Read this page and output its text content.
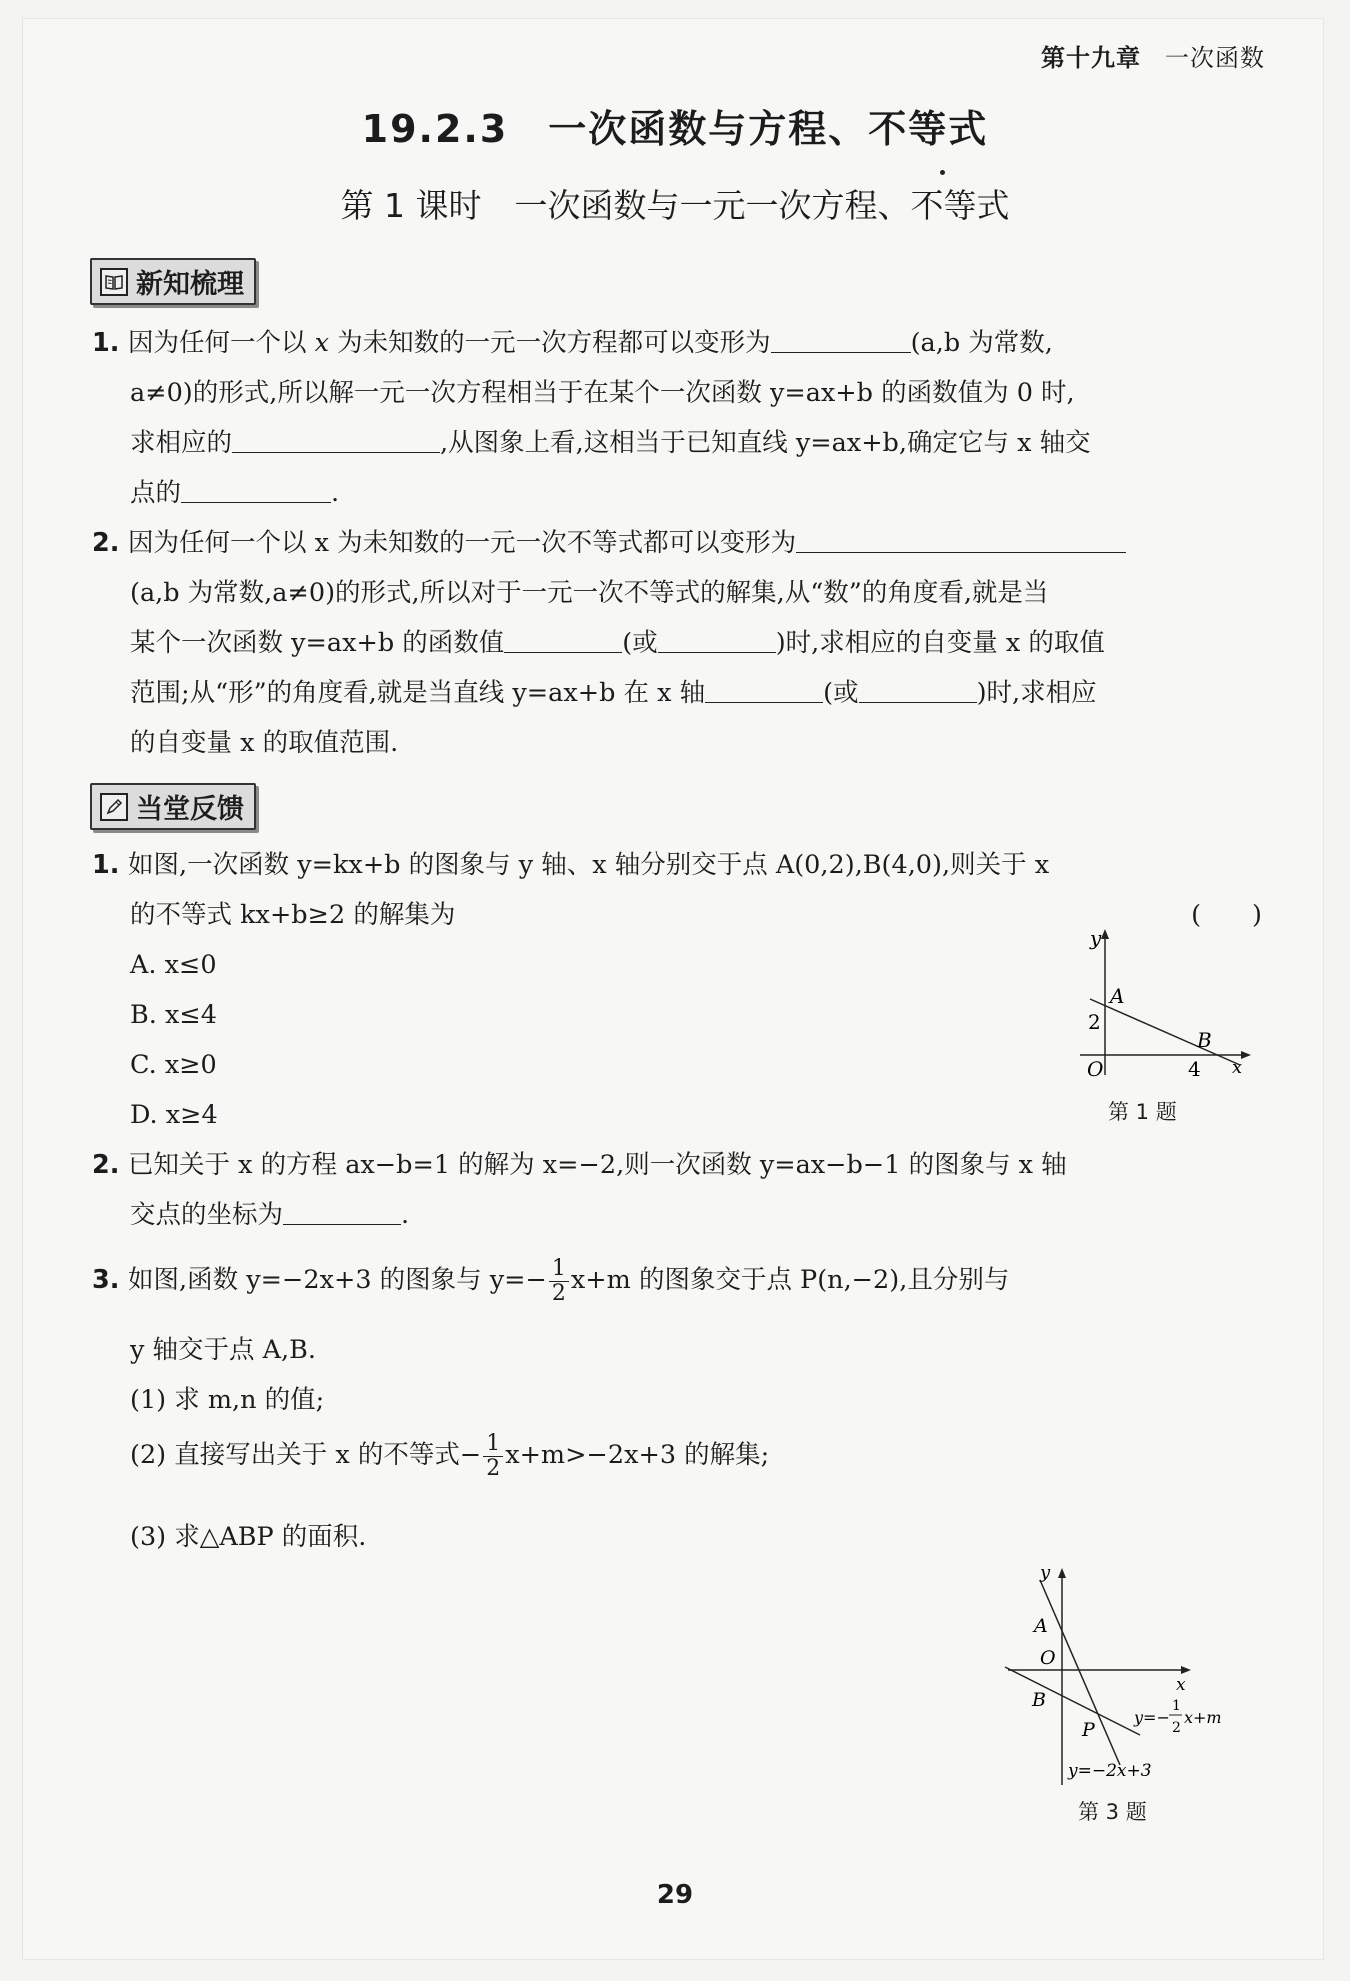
第十九章 一次函数
19.2.3　一次函数与方程、不等式
第 1 课时　一次函数与一元一次方程、不等式
新知梳理
1. 因为任何一个以 x 为未知数的一元一次方程都可以变形为	(a,b 为常数,
a≠0)的形式,所以解一元一次方程相当于在某个一次函数 y=ax+b 的函数值为 0 时,
求相应的	,从图象上看,这相当于已知直线 y=ax+b,确定它与 x 轴交
点的	.
2. 因为任何一个以 x 为未知数的一元一次不等式都可以变形为
(a,b 为常数,a≠0)的形式,所以对于一元一次不等式的解集,从“数”的角度看,就是当
某个一次函数 y=ax+b 的函数值	(或	)时,求相应的自变量 x 的取值
范围;从“形”的角度看,就是当直线 y=ax+b 在 x 轴	(或	)时,求相应
的自变量 x 的取值范围.
当堂反馈
1. 如图,一次函数 y=kx+b 的图象与 y 轴、x 轴分别交于点 A(0,2),B(4,0),则关于 x
的不等式 kx+b≥2 的解集为	(　　)
A. x≤0
B. x≤4
C. x≥0
D. x≥4
y
A
2
B
O	4 x
第 1 题
2. 已知关于 x 的方程 ax−b=1 的解为 x=−2,则一次函数 y=ax−b−1 的图象与 x 轴
交点的坐标为	.
3. 如图,函数 y=−2x+3 的图象与 $y=- \frac{1}{2} x+m$ 的图象交于点 P(n,−2),且分别与
y 轴交于点 A,B.
(1) 求 m,n 的值;
(2) 直接写出关于 x 的不等式− $\frac{1}{2} x+m>-2x+3$ 的解集;
(3) 求△ABP 的面积.
y
A
O
x
B
P
y=−
1
2
x+m
y=−2x+3
第 3 题
29
